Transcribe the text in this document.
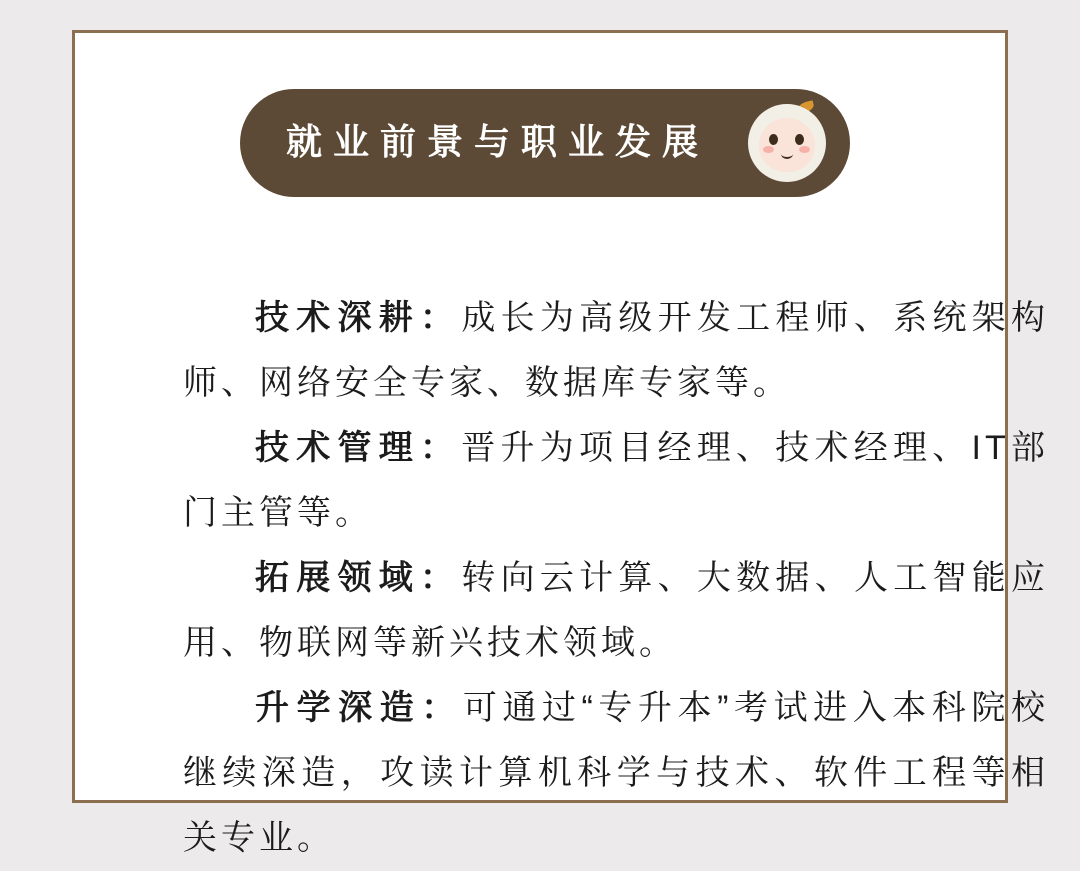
就业前景与职业发展

技术深耕：成长为高级开发工程师、系统架构师、网络安全专家、数据库专家等。

技术管理：晋升为项目经理、技术经理、IT部门主管等。

拓展领域：转向云计算、大数据、人工智能应用、物联网等新兴技术领域。

升学深造：可通过“专升本”考试进入本科院校继续深造，攻读计算机科学与技术、软件工程等相关专业。
